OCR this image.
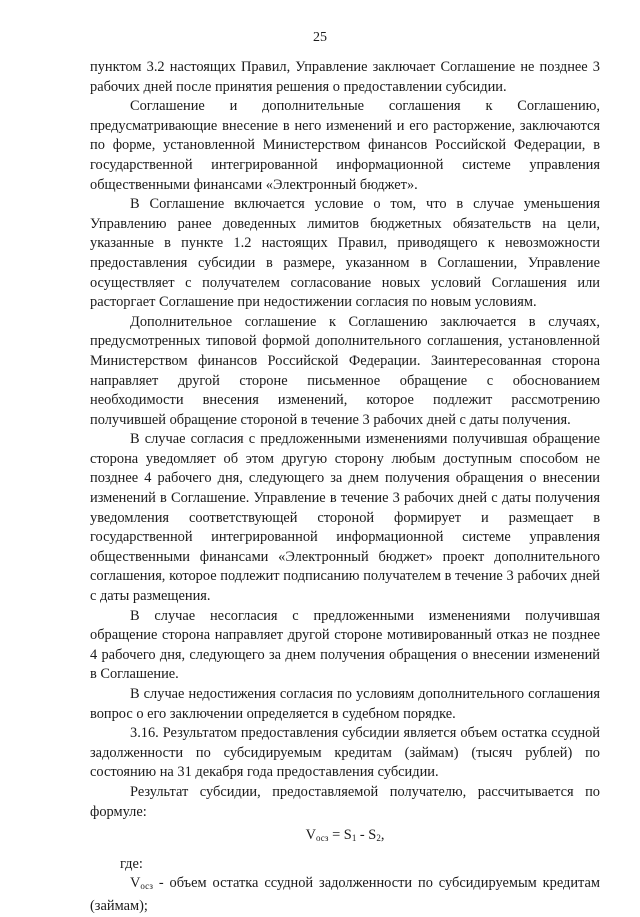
25

пунктом 3.2 настоящих Правил, Управление заключает Соглашение не позднее 3 рабочих дней после принятия решения о предоставлении субсидии.

Соглашение и дополнительные соглашения к Соглашению, предусматривающие внесение в него изменений и его расторжение, заключаются по форме, установленной Министерством финансов Российской Федерации, в государственной интегрированной информационной системе управления общественными финансами «Электронный бюджет».

В Соглашение включается условие о том, что в случае уменьшения Управлению ранее доведенных лимитов бюджетных обязательств на цели, указанные в пункте 1.2 настоящих Правил, приводящего к невозможности предоставления субсидии в размере, указанном в Соглашении, Управление осуществляет с получателем согласование новых условий Соглашения или расторгает Соглашение при недостижении согласия по новым условиям.

Дополнительное соглашение к Соглашению заключается в случаях, предусмотренных типовой формой дополнительного соглашения, установленной Министерством финансов Российской Федерации. Заинтересованная сторона направляет другой стороне письменное обращение с обоснованием необходимости внесения изменений, которое подлежит рассмотрению получившей обращение стороной в течение 3 рабочих дней с даты получения.

В случае согласия с предложенными изменениями получившая обращение сторона уведомляет об этом другую сторону любым доступным способом не позднее 4 рабочего дня, следующего за днем получения обращения о внесении изменений в Соглашение. Управление в течение 3 рабочих дней с даты получения уведомления соответствующей стороной формирует и размещает в государственной интегрированной информационной системе управления общественными финансами «Электронный бюджет» проект дополнительного соглашения, которое подлежит подписанию получателем в течение 3 рабочих дней с даты размещения.

В случае несогласия с предложенными изменениями получившая обращение сторона направляет другой стороне мотивированный отказ не позднее 4 рабочего дня, следующего за днем получения обращения о внесении изменений в Соглашение.

В случае недостижения согласия по условиям дополнительного соглашения вопрос о его заключении определяется в судебном порядке.

3.16. Результатом предоставления субсидии является объем остатка ссудной задолженности по субсидируемым кредитам (займам) (тысяч рублей) по состоянию на 31 декабря года предоставления субсидии.

Результат субсидии, предоставляемой получателю, рассчитывается по формуле:

$V_{осз} = S_1 - S_2$,

где:

$V_{осз}$ - объем остатка ссудной задолженности по субсидируемым кредитам (займам);
